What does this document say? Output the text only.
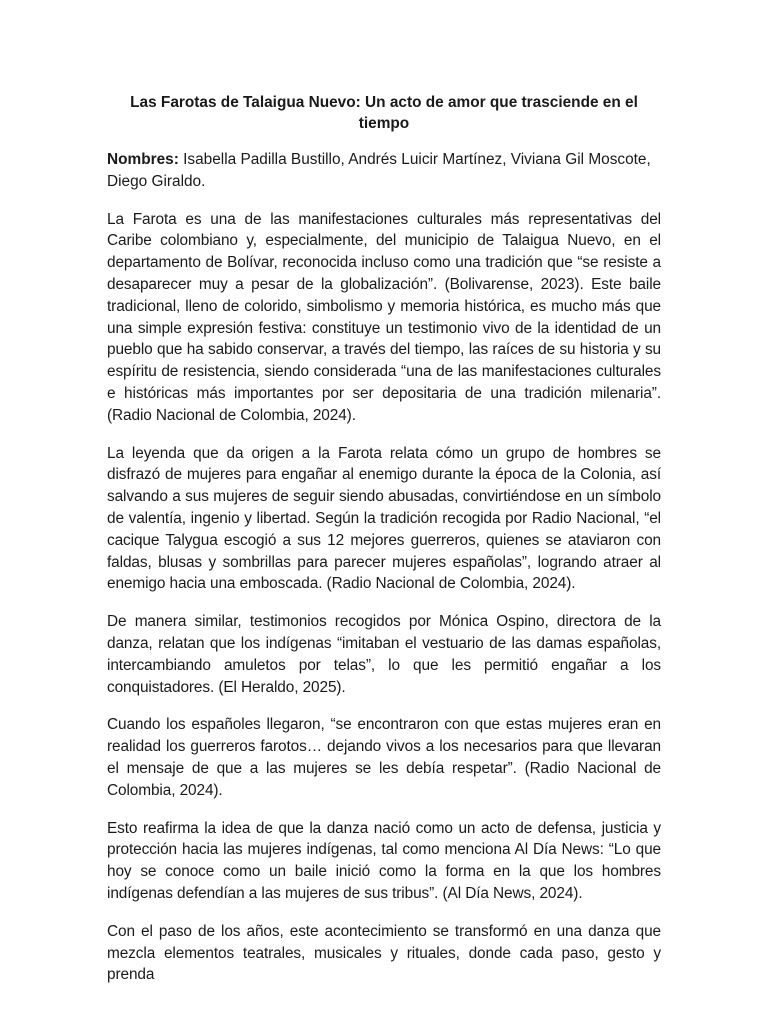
Las Farotas de Talaigua Nuevo: Un acto de amor que trasciende en el tiempo

Nombres: Isabella Padilla Bustillo, Andrés Luicir Martínez, Viviana Gil Moscote, Diego Giraldo.

La Farota es una de las manifestaciones culturales más representativas del Caribe colombiano y, especialmente, del municipio de Talaigua Nuevo, en el departamento de Bolívar, reconocida incluso como una tradición que “se resiste a desaparecer muy a pesar de la globalización”. (Bolivarense, 2023). Este baile tradicional, lleno de colorido, simbolismo y memoria histórica, es mucho más que una simple expresión festiva: constituye un testimonio vivo de la identidad de un pueblo que ha sabido conservar, a través del tiempo, las raíces de su historia y su espíritu de resistencia, siendo considerada “una de las manifestaciones culturales e históricas más importantes por ser depositaria de una tradición milenaria”. (Radio Nacional de Colombia, 2024).

La leyenda que da origen a la Farota relata cómo un grupo de hombres se disfrazó de mujeres para engañar al enemigo durante la época de la Colonia, así salvando a sus mujeres de seguir siendo abusadas, convirtiéndose en un símbolo de valentía, ingenio y libertad. Según la tradición recogida por Radio Nacional, “el cacique Talygua escogió a sus 12 mejores guerreros, quienes se ataviaron con faldas, blusas y sombrillas para parecer mujeres españolas”, logrando atraer al enemigo hacia una emboscada. (Radio Nacional de Colombia, 2024).

De manera similar, testimonios recogidos por Mónica Ospino, directora de la danza, relatan que los indígenas “imitaban el vestuario de las damas españolas, intercambiando amuletos por telas”, lo que les permitió engañar a los conquistadores. (El Heraldo, 2025).

Cuando los españoles llegaron, “se encontraron con que estas mujeres eran en realidad los guerreros farotos… dejando vivos a los necesarios para que llevaran el mensaje de que a las mujeres se les debía respetar”. (Radio Nacional de Colombia, 2024).

Esto reafirma la idea de que la danza nació como un acto de defensa, justicia y protección hacia las mujeres indígenas, tal como menciona Al Día News: “Lo que hoy se conoce como un baile inició como la forma en la que los hombres indígenas defendían a las mujeres de sus tribus”. (Al Día News, 2024).

Con el paso de los años, este acontecimiento se transformó en una danza que mezcla elementos teatrales, musicales y rituales, donde cada paso, gesto y prenda
